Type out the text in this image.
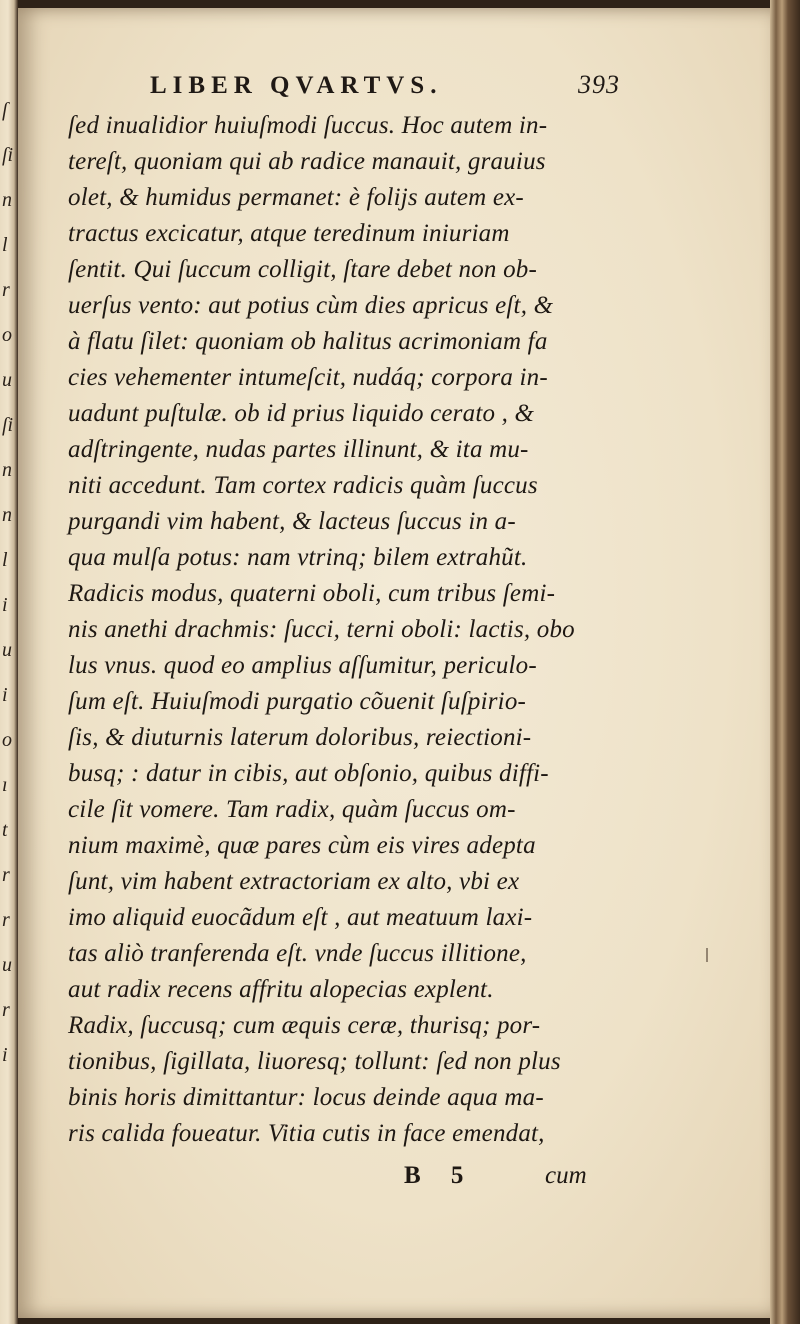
ſ
ſi
n
l
r
o
u
ſi
n
n
l
i
u
i
o
ı
t
r
r
u
r
i
LIBER QVARTVS.	393
ſed inualidior huiuſmodi ſuccus. Hoc autem in-
tereſt, quoniam qui ab radice manauit, grauius
olet, & humidus permanet: è folijs autem ex-
tractus excicatur, atque teredinum iniuriam
ſentit. Qui ſuccum colligit, ſtare debet non ob-
uerſus vento: aut potius cùm dies apricus eſt, &
à flatu ſilet: quoniam ob halitus acrimoniam fa
cies vehementer intumeſcit, nudáq; corpora in-
uadunt puſtulæ. ob id prius liquido cerato , &
adſtringente, nudas partes illinunt, & ita mu-
niti accedunt. Tam cortex radicis quàm ſuccus
purgandi vim habent, & lacteus ſuccus in a-
qua mulſa potus: nam vtrinq; bilem extrahũt.
Radicis modus, quaterni oboli, cum tribus ſemi-
nis anethi drachmis: ſucci, terni oboli: lactis, obo
lus vnus. quod eo amplius aſſumitur, periculo-
ſum eſt. Huiuſmodi purgatio cõuenit ſuſpirio-
ſis, & diuturnis laterum doloribus, reiectioni-
busq; : datur in cibis, aut obſonio, quibus diffi-
cile ſit vomere. Tam radix, quàm ſuccus om-
nium maximè, quæ pares cùm eis vires adepta
ſunt, vim habent extractoriam ex alto, vbi ex
imo aliquid euocãdum eſt , aut meatuum laxi-
tas aliò tranferenda eſt. vnde ſuccus illitione,
aut radix recens affritu alopecias explent.
Radix, ſuccusq; cum æquis ceræ, thurisq; por-
tionibus, ſigillata, liuoresq; tollunt: ſed non plus
binis horis dimittantur: locus deinde aqua ma-
ris calida foueatur. Vitia cutis in face emendat,
B 5	cum
